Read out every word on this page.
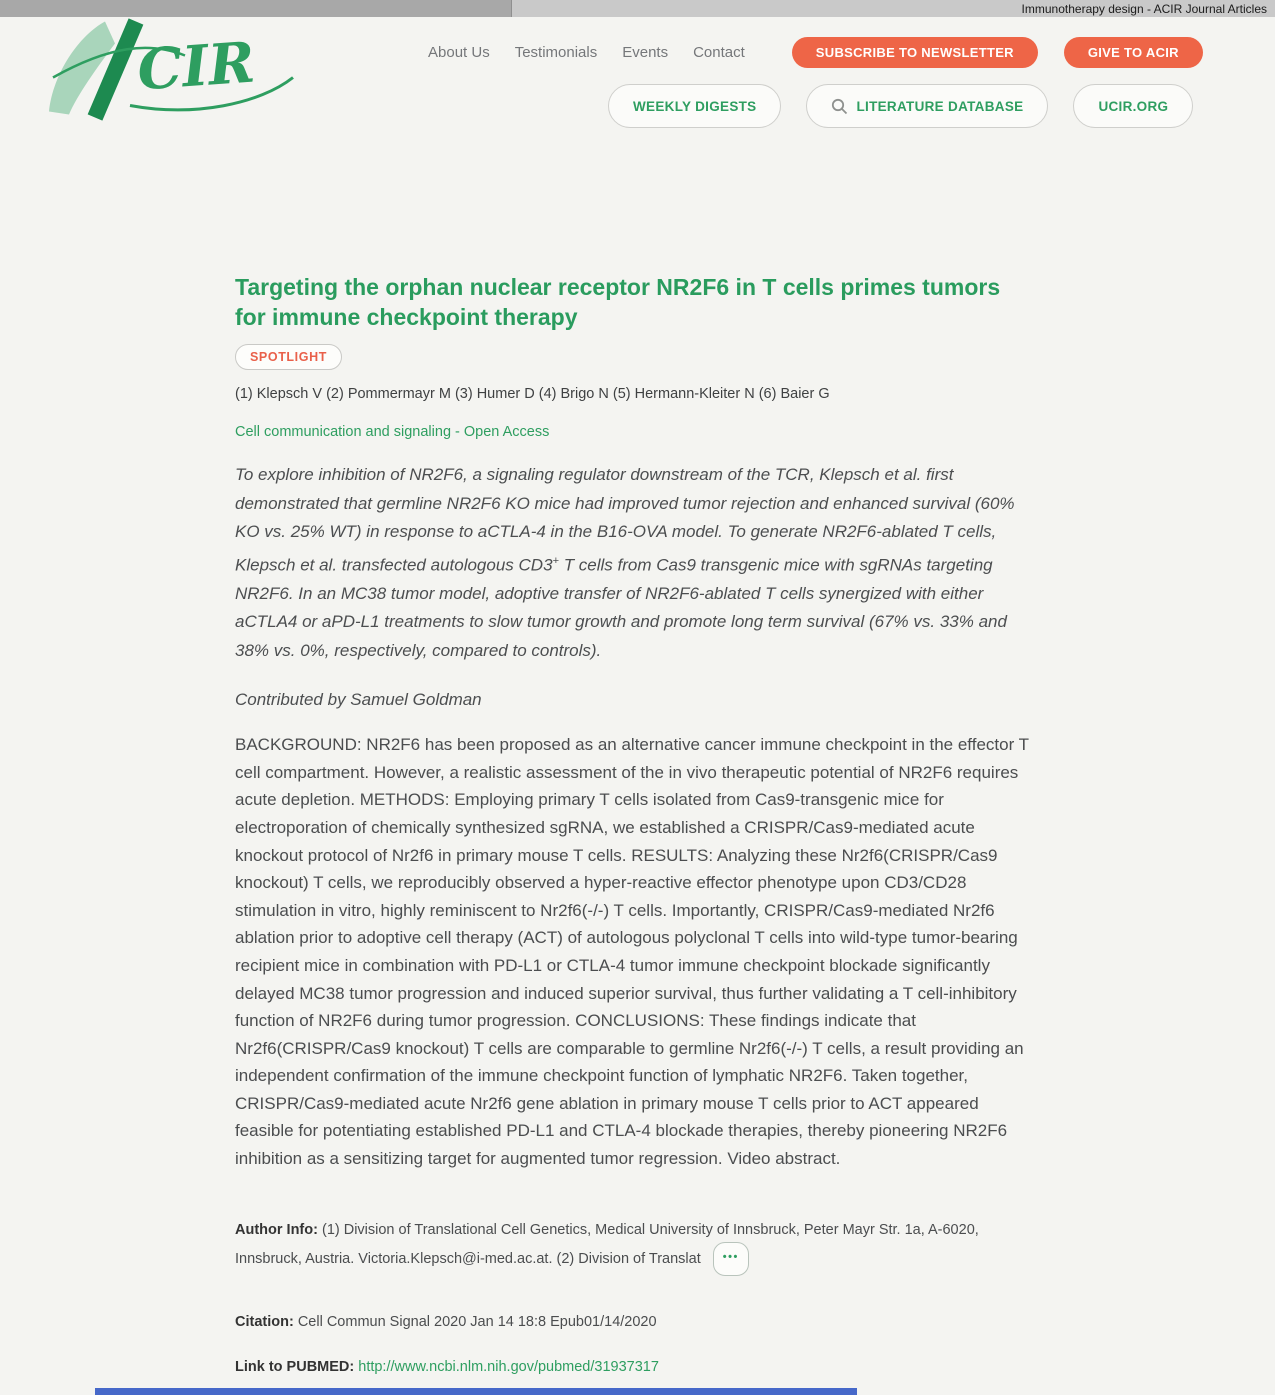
Immunotherapy design - ACIR Journal Articles
CIR	About Us Testimonials Events Contact	SUBSCRIBE TO NEWSLETTER	GIVE TO ACIR
WEEKLY DIGESTS	LITERATURE DATABASE	UCIR.ORG
Targeting the orphan nuclear receptor NR2F6 in T cells primes tumors for immune checkpoint therapy
SPOTLIGHT

(1) Klepsch V (2) Pommermayr M (3) Humer D (4) Brigo N (5) Hermann-Kleiter N (6) Baier G

Cell communication and signaling - Open Access

To explore inhibition of NR2F6, a signaling regulator downstream of the TCR, Klepsch et al. first demonstrated that germline NR2F6 KO mice had improved tumor rejection and enhanced survival (60% KO vs. 25% WT) in response to aCTLA-4 in the B16-OVA model. To generate NR2F6-ablated T cells, Klepsch et al. transfected autologous CD3+ T cells from Cas9 transgenic mice with sgRNAs targeting NR2F6. In an MC38 tumor model, adoptive transfer of NR2F6-ablated T cells synergized with either aCTLA4 or aPD-L1 treatments to slow tumor growth and promote long term survival (67% vs. 33% and 38% vs. 0%, respectively, compared to controls).

Contributed by Samuel Goldman

BACKGROUND: NR2F6 has been proposed as an alternative cancer immune checkpoint in the effector T cell compartment. However, a realistic assessment of the in vivo therapeutic potential of NR2F6 requires acute depletion. METHODS: Employing primary T cells isolated from Cas9-transgenic mice for electroporation of chemically synthesized sgRNA, we established a CRISPR/Cas9-mediated acute knockout protocol of Nr2f6 in primary mouse T cells. RESULTS: Analyzing these Nr2f6(CRISPR/Cas9 knockout) T cells, we reproducibly observed a hyper-reactive effector phenotype upon CD3/CD28 stimulation in vitro, highly reminiscent to Nr2f6(-/-) T cells. Importantly, CRISPR/Cas9-mediated Nr2f6 ablation prior to adoptive cell therapy (ACT) of autologous polyclonal T cells into wild-type tumor-bearing recipient mice in combination with PD-L1 or CTLA-4 tumor immune checkpoint blockade significantly delayed MC38 tumor progression and induced superior survival, thus further validating a T cell-inhibitory function of NR2F6 during tumor progression. CONCLUSIONS: These findings indicate that Nr2f6(CRISPR/Cas9 knockout) T cells are comparable to germline Nr2f6(-/-) T cells, a result providing an independent confirmation of the immune checkpoint function of lymphatic NR2F6. Taken together, CRISPR/Cas9-mediated acute Nr2f6 gene ablation in primary mouse T cells prior to ACT appeared feasible for potentiating established PD-L1 and CTLA-4 blockade therapies, thereby pioneering NR2F6 inhibition as a sensitizing target for augmented tumor regression. Video abstract.

Author Info: (1) Division of Translational Cell Genetics, Medical University of Innsbruck, Peter Mayr Str. 1a, A-6020, Innsbruck, Austria. Victoria.Klepsch@i-med.ac.at. (2) Division of Translat •••

Citation: Cell Commun Signal 2020 Jan 14 18:8 Epub01/14/2020

Link to PUBMED: http://www.ncbi.nlm.nih.gov/pubmed/31937317
